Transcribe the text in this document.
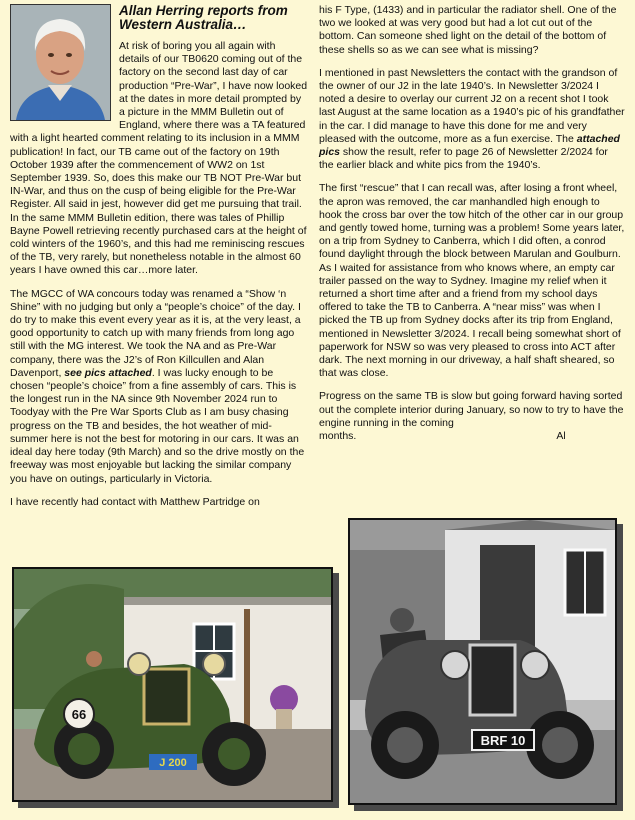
Allan Herring reports from Western Australia…

At risk of boring you all again with details of our TB0620 coming out of the factory on the second last day of car production “Pre-War”, I have now looked at the dates in more detail prompted by a picture in the MMM Bulletin out of England, where there was a TA featured with a light hearted comment relating to its inclusion in a MMM publication! In fact, our TB came out of the factory on 19th October 1939 after the commencement of WW2 on 1st September 1939. So, does this make our TB NOT Pre-War but IN-War, and thus on the cusp of being eligible for the Pre-War Register. All said in jest, however did get me pursuing that trail. In the same MMM Bulletin edition, there was tales of Phillip Bayne Powell retrieving recently purchased cars at the height of cold winters of the 1960’s, and this had me reminiscing rescues of the TB, very rarely, but nonetheless notable in the almost 60 years I have owned this car…more later.

The MGCC of WA concours today was renamed a “Show ‘n Shine” with no judging but only a “people’s choice” of the day. I do try to make this event every year as it is, at the very least, a good opportunity to catch up with many friends from long ago still with the MG interest. We took the NA and as Pre-War company, there was the J2’s of Ron Killcullen and Alan Davenport, see pics attached. I was lucky enough to be chosen “people’s choice” from a fine assembly of cars. This is the longest run in the NA since 9th November 2024 run to Toodyay with the Pre War Sports Club as I am busy chasing progress on the TB and besides, the hot weather of mid-summer here is not the best for motoring in our cars. It was an ideal day here today (9th March) and so the drive mostly on the freeway was most enjoyable but lacking the similar company you have on outings, particularly in Victoria.

I have recently had contact with Matthew Partridge on

his F Type, (1433) and in particular the radiator shell. One of the two we looked at was very good but had a lot cut out of the bottom. Can someone shed light on the detail of the bottom of these shells so as we can see what is missing?

I mentioned in past Newsletters the contact with the grandson of the owner of our J2 in the late 1940’s. In Newsletter 3/2024 I noted a desire to overlay our current J2 on a recent shot I took last August at the same location as a 1940’s pic of his grandfather in the car. I did manage to have this done for me and very pleased with the outcome, more as a fun exercise. The attached pics show the result, refer to page 26 of Newsletter 2/2024 for the earlier black and white pics from the 1940’s.

The first “rescue” that I can recall was, after losing a front wheel, the apron was removed, the car manhandled high enough to hook the cross bar over the tow hitch of the other car in our group and gently towed home, turning was a problem! Some years later, on a trip from Sydney to Canberra, which I did often, a conrod found daylight through the block between Marulan and Goulburn. As I waited for assistance from who knows where, an empty car trailer passed on the way to Sydney. Imagine my relief when it returned a short time after and a friend from my school days offered to take the TB to Canberra. A “near miss” was when I picked the TB up from Sydney docks after its trip from England, mentioned in Newsletter 3/2024. I recall being somewhat short of paperwork for NSW so was very pleased to cross into ACT after dark. The next morning in our driveway, a half shaft sheared, so that was close.

Progress on the same TB is slow but going forward having sorted out the complete interior during January, so now to try to have the engine running in the coming months.	Al

66
J 200
BRF 10
